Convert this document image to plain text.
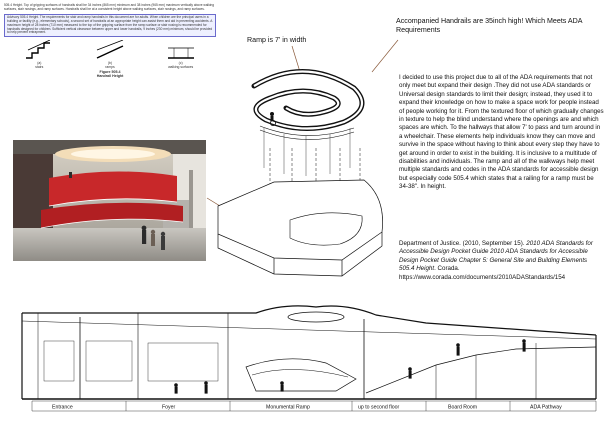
505.4 Height. Top of gripping surfaces of handrails shall be 34 inches (865 mm) minimum and 38 inches (965 mm) maximum vertically above walking surfaces, stair nosings, and ramp surfaces. Handrails shall be at a consistent height above walking surfaces, stair nosings, and ramp surfaces.

Advisory 505.4 Height. The requirements for stair and ramp handrails in this document are for adults. When children are the principal users in a building or facility (e.g., elementary schools), a second set of handrails at an appropriate height can assist them and aid in preventing accidents. A maximum height of 28 inches (710 mm) measured to the top of the gripping surface from the ramp surface or stair nosing is recommended for handrails designed for children. Sufficient vertical clearance between upper and lower handrails, 9 inches (230 mm) minimum, should be provided to help prevent entrapment.
(a)
stairs
(b)
ramps
(c)
walking surfaces
Figure 505.4
Handrail Height
Accompanied Handrails are 35inch high! Which Meets ADA Requirements
Ramp is 7' in width
I decided to use this project due to all of the ADA requirements that not only meet but expand their design .They did not use ADA standards or Universal design standards to limit their design; instead, they used it to expand their knowledge on how to make a space work for people instead of people working for it. From the textured floor of which gradually changes in texture to help the blind understand where the openings are and which spaces are which. To the hallways that allow 7' to pass and turn around in a wheelchair. These elements help individuals know they can move and survive in the space without having to think about every step they have to get around in order to exist in the building. It is inclusive to a multitude of disabilities and individuals. The ramp and all of the walkways help meet multiple standards and codes in the ADA standards for accessible design but especially code 505.4 which states that a railing for a ramp must be 34-38". In height.
Department of Justice. (2010, September 15). 2010 ADA Standards for Accessible Design Pocket Guide 2010 ADA Standards for Accessible Design Pocket Guide Chapter 5: General Site and Building Elements 505.4 Height. Corada. https://www.corada.com/documents/2010ADAStandards/154
Entrance	Foyer	Monumental Ramp	up to second floor	Board Room	ADA Pathway
